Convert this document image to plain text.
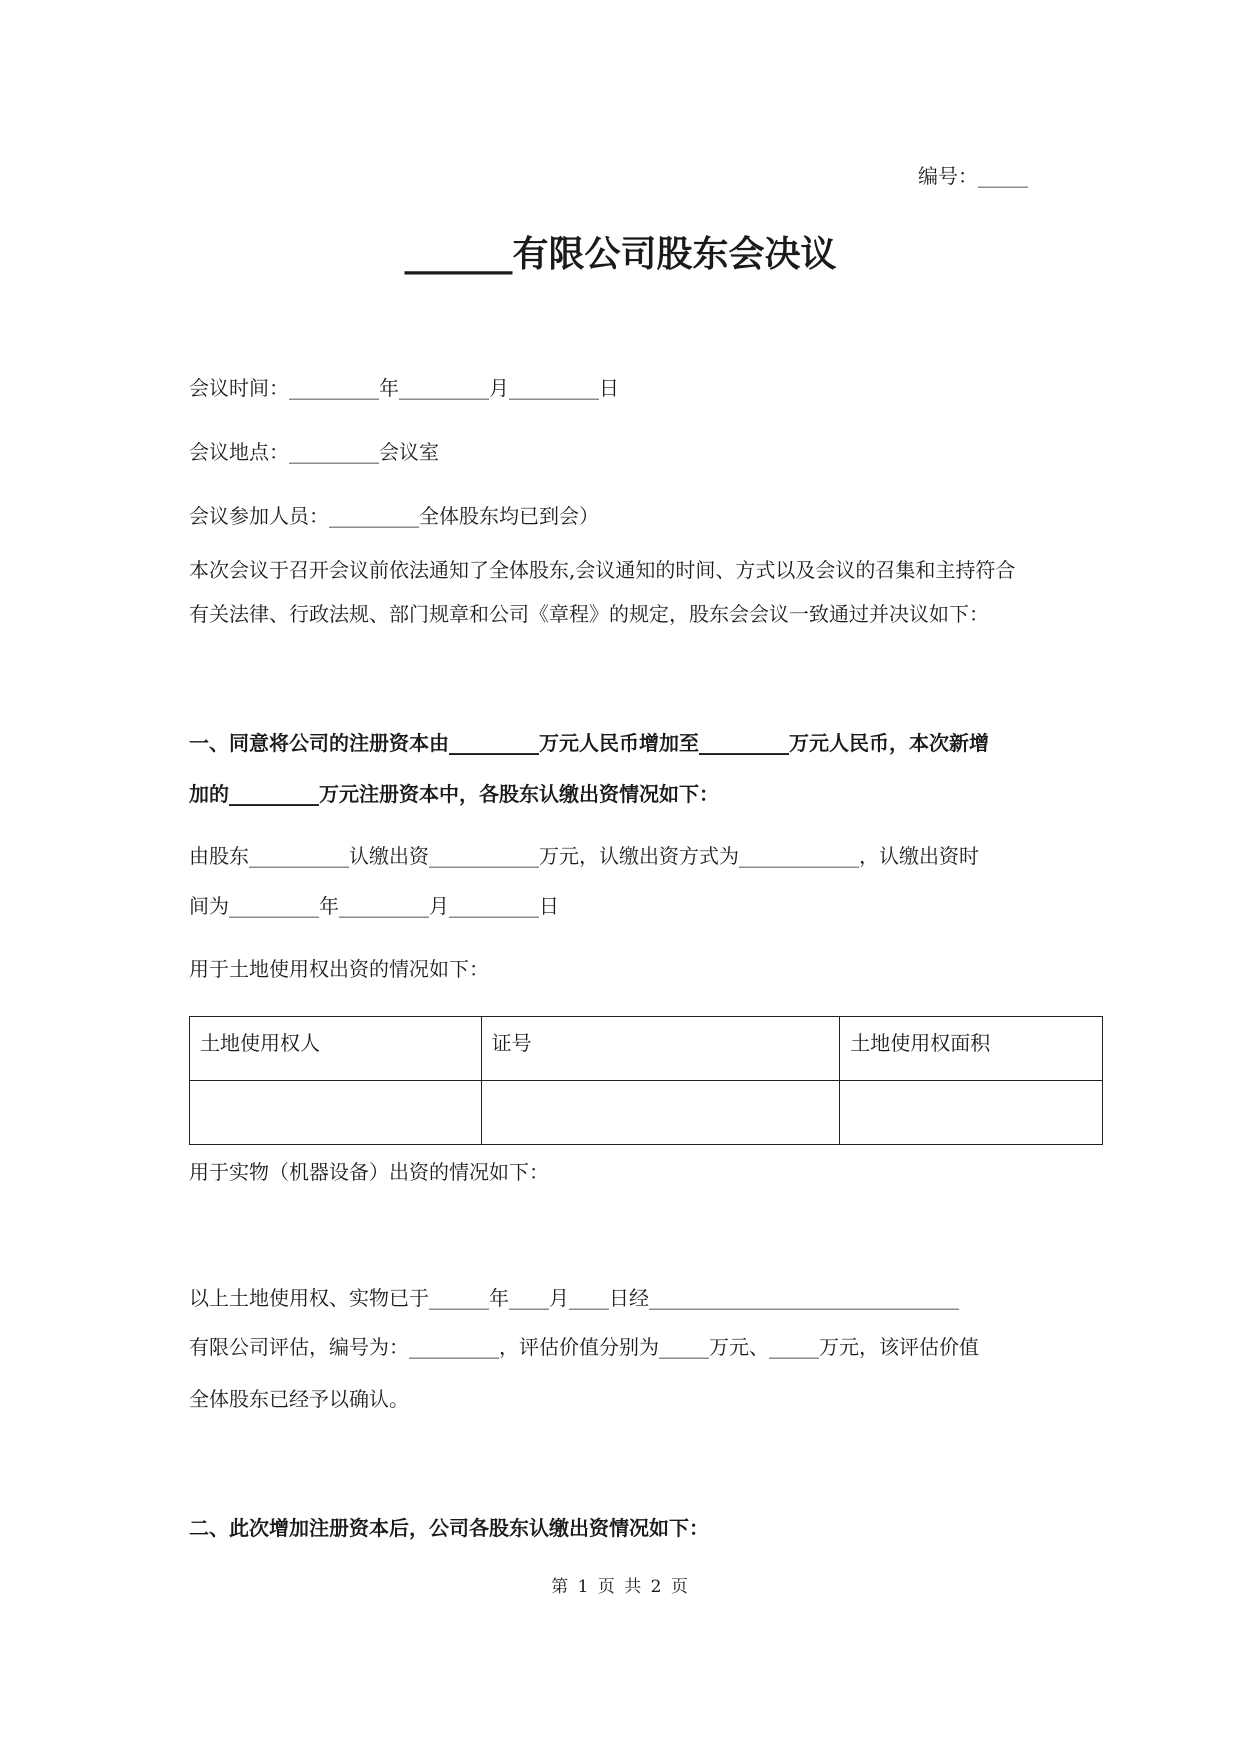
编号：_____
______有限公司股东会决议
会议时间：_________年_________月_________日
会议地点：_________会议室
会议参加人员：_________全体股东均已到会）
本次会议于召开会议前依法通知了全体股东,会议通知的时间、方式以及会议的召集和主持符合
有关法律、行政法规、部门规章和公司《章程》的规定，股东会会议一致通过并决议如下：
一、同意将公司的注册资本由_________万元人民币增加至_________万元人民币，本次新增
加的_________万元注册资本中，各股东认缴出资情况如下：
由股东__________认缴出资___________万元，认缴出资方式为____________，认缴出资时
间为_________年_________月_________日
用于土地使用权出资的情况如下：
土地使用权人	证号	土地使用权面积

用于实物（机器设备）出资的情况如下：
以上土地使用权、实物已于______年____月____日经_______________________________
有限公司评估，编号为：_________，评估价值分别为_____万元、_____万元，该评估价值
全体股东已经予以确认。
二、此次增加注册资本后，公司各股东认缴出资情况如下：
第 1 页 共 2 页
